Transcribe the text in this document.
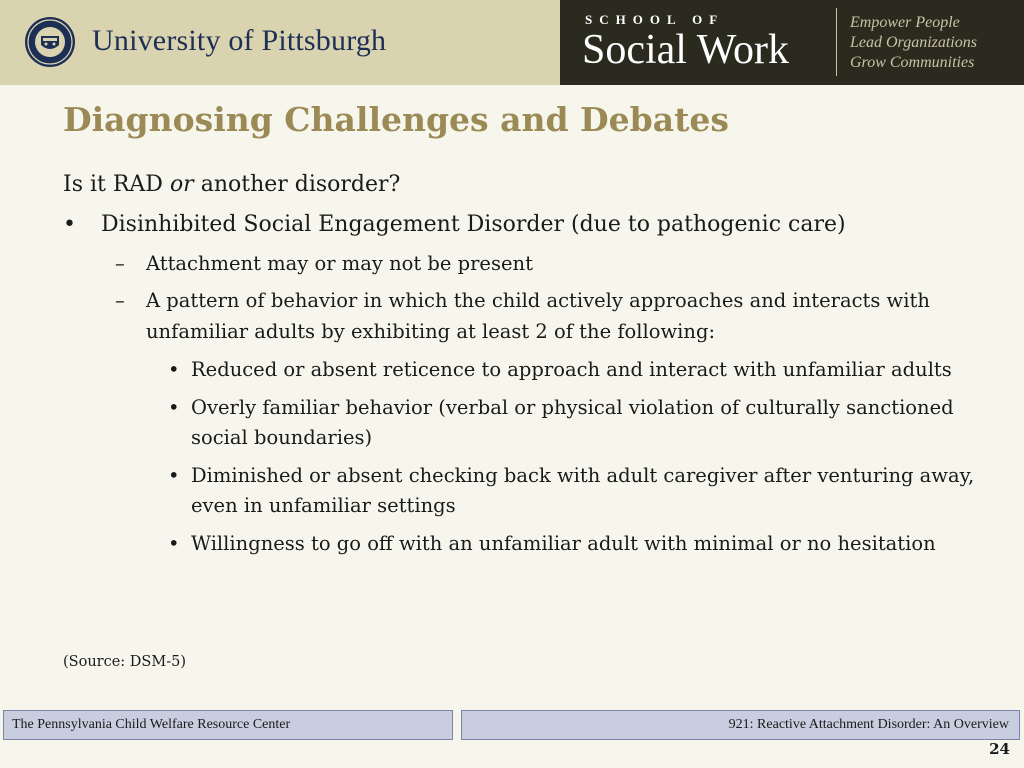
University of Pittsburgh
SCHOOL OF
Social Work
Empower People
Lead Organizations
Grow Communities
Diagnosing Challenges and Debates
Is it RAD or another disorder?
• Disinhibited Social Engagement Disorder (due to pathogenic care)
– Attachment may or may not be present
– A pattern of behavior in which the child actively approaches and interacts with unfamiliar adults by exhibiting at least 2 of the following:
• Reduced or absent reticence to approach and interact with unfamiliar adults
• Overly familiar behavior (verbal or physical violation of culturally sanctioned social boundaries)
• Diminished or absent checking back with adult caregiver after venturing away, even in unfamiliar settings
• Willingness to go off with an unfamiliar adult with minimal or no hesitation
(Source: DSM-5)
The Pennsylvania Child Welfare Resource Center	921: Reactive Attachment Disorder: An Overview
24
